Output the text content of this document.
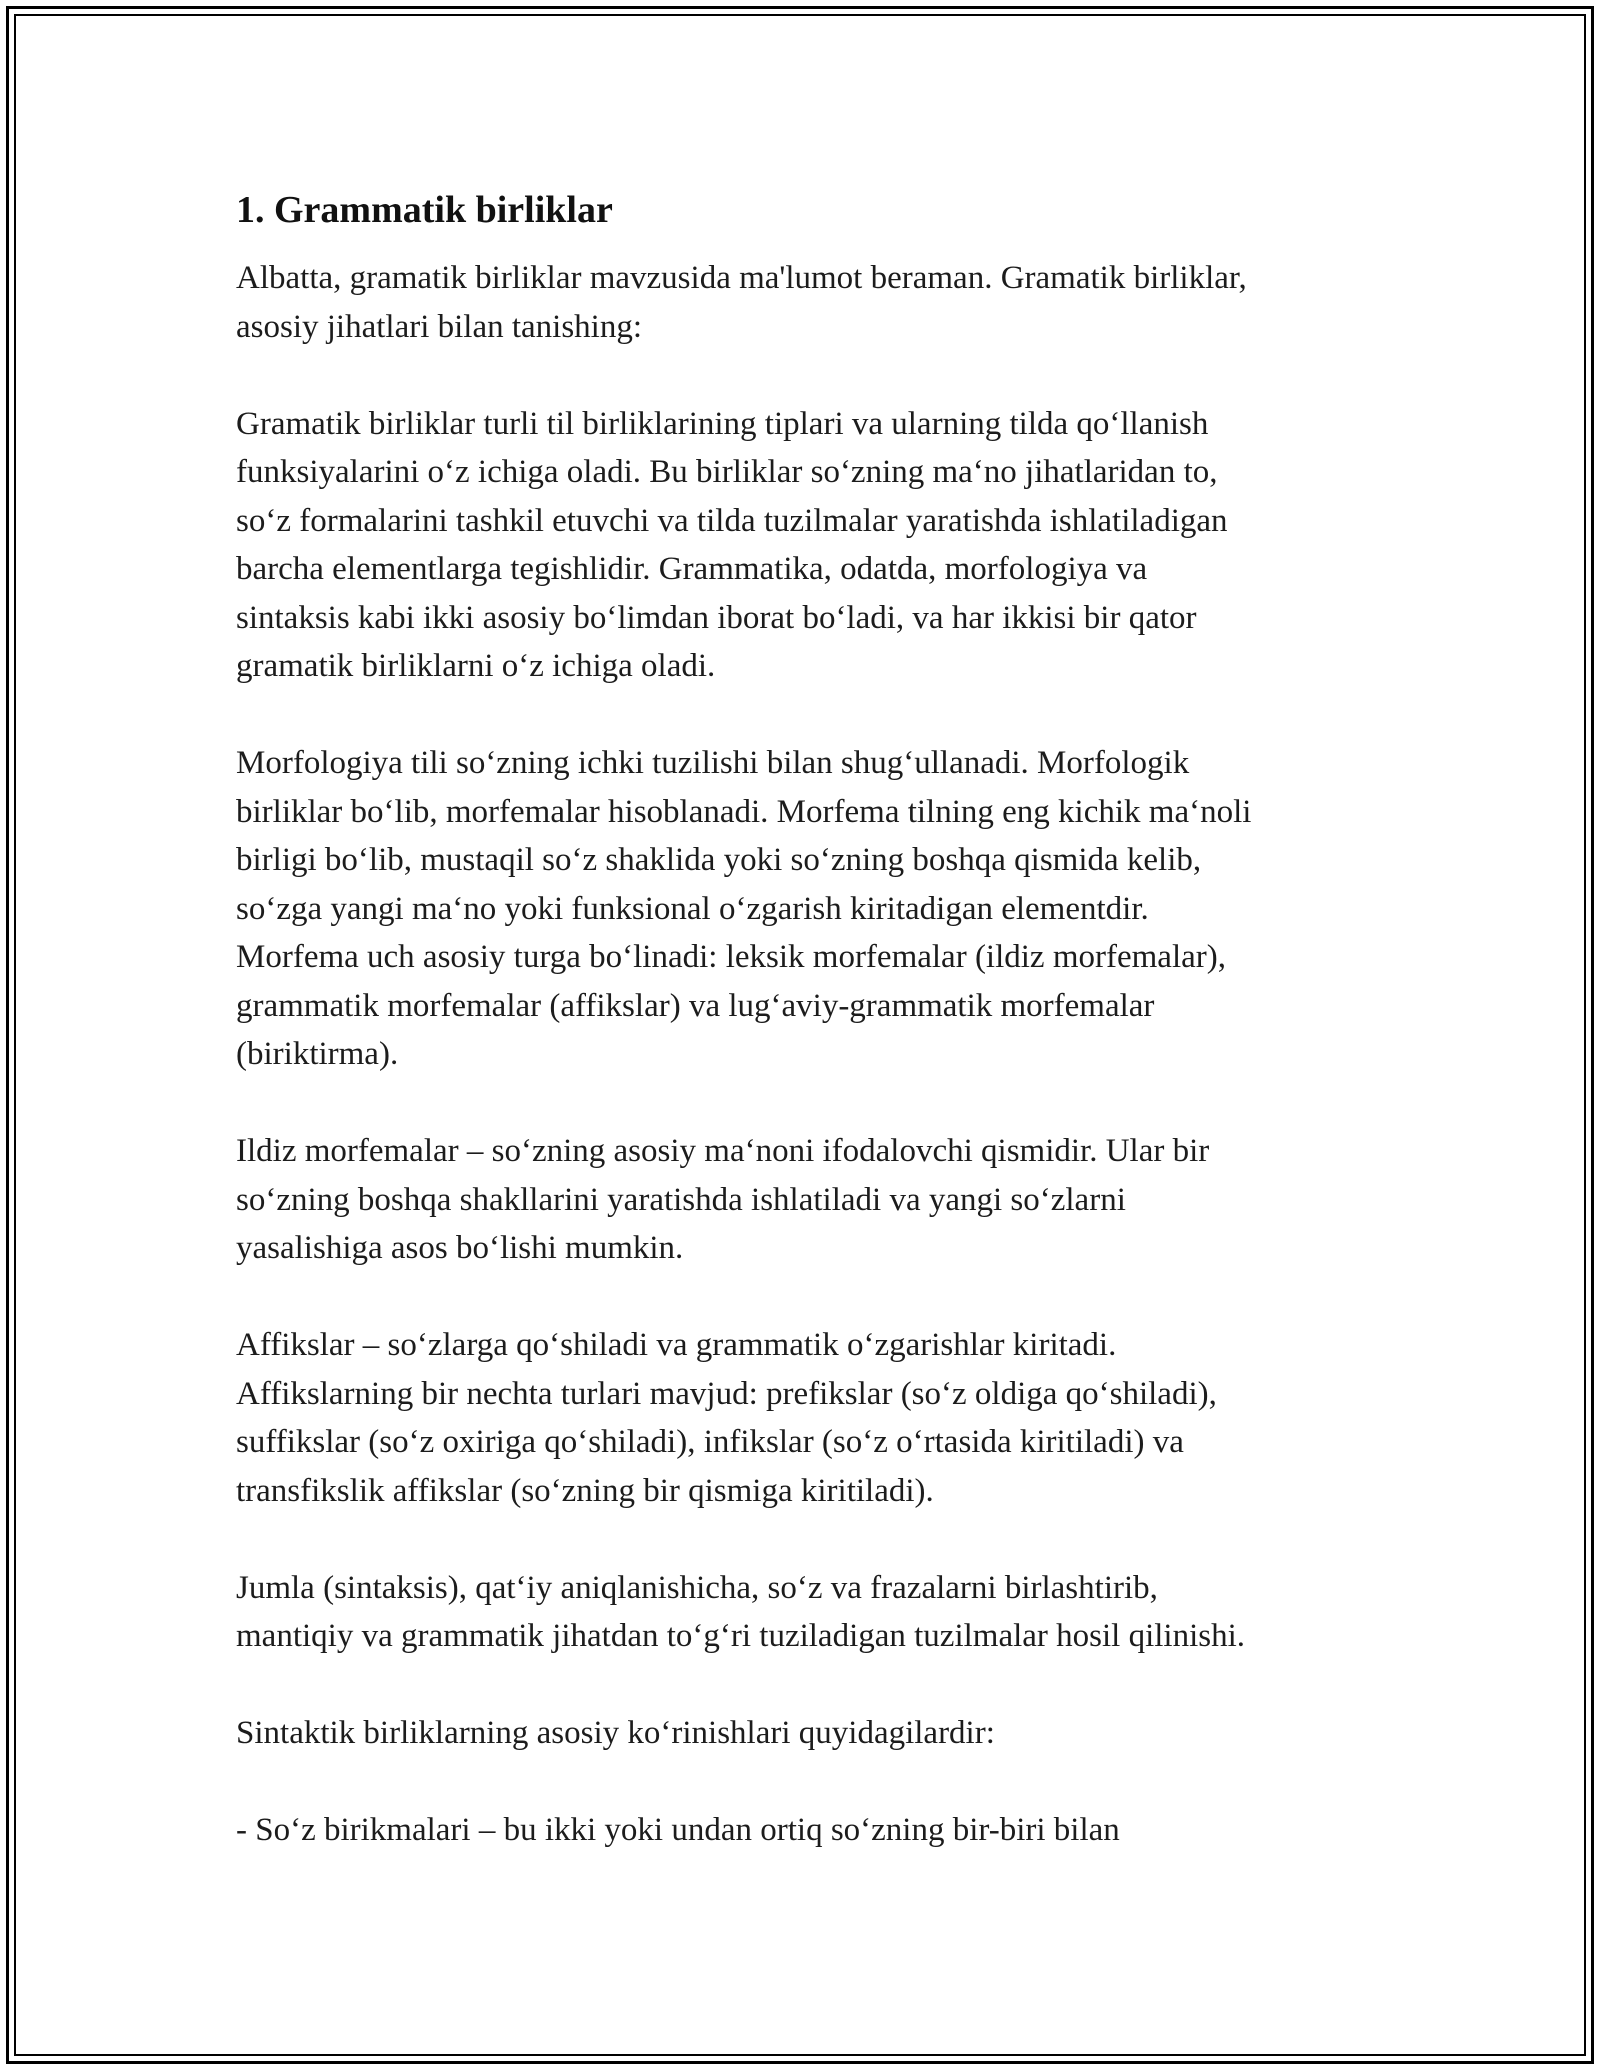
1. Grammatik birliklar

Albatta, gramatik birliklar mavzusida ma'lumot beraman. Gramatik birliklar,
asosiy jihatlari bilan tanishing:

Gramatik birliklar turli til birliklarining tiplari va ularning tilda qo‘llanish
funksiyalarini o‘z ichiga oladi. Bu birliklar so‘zning ma‘no jihatlaridan to,
so‘z formalarini tashkil etuvchi va tilda tuzilmalar yaratishda ishlatiladigan
barcha elementlarga tegishlidir. Grammatika, odatda, morfologiya va
sintaksis kabi ikki asosiy bo‘limdan iborat bo‘ladi, va har ikkisi bir qator
gramatik birliklarni o‘z ichiga oladi.

Morfologiya tili so‘zning ichki tuzilishi bilan shug‘ullanadi. Morfologik
birliklar bo‘lib, morfemalar hisoblanadi. Morfema tilning eng kichik ma‘noli
birligi bo‘lib, mustaqil so‘z shaklida yoki so‘zning boshqa qismida kelib,
so‘zga yangi ma‘no yoki funksional o‘zgarish kiritadigan elementdir.
Morfema uch asosiy turga bo‘linadi: leksik morfemalar (ildiz morfemalar),
grammatik morfemalar (affikslar) va lug‘aviy-grammatik morfemalar
(biriktirma).

Ildiz morfemalar – so‘zning asosiy ma‘noni ifodalovchi qismidir. Ular bir
so‘zning boshqa shakllarini yaratishda ishlatiladi va yangi so‘zlarni
yasalishiga asos bo‘lishi mumkin.

Affikslar – so‘zlarga qo‘shiladi va grammatik o‘zgarishlar kiritadi.
Affikslarning bir nechta turlari mavjud: prefikslar (so‘z oldiga qo‘shiladi),
suffikslar (so‘z oxiriga qo‘shiladi), infikslar (so‘z o‘rtasida kiritiladi) va
transfikslik affikslar (so‘zning bir qismiga kiritiladi).

Jumla (sintaksis), qat‘iy aniqlanishicha, so‘z va frazalarni birlashtirib,
mantiqiy va grammatik jihatdan to‘g‘ri tuziladigan tuzilmalar hosil qilinishi.

Sintaktik birliklarning asosiy ko‘rinishlari quyidagilardir:

- So‘z birikmalari – bu ikki yoki undan ortiq so‘zning bir-biri bilan
